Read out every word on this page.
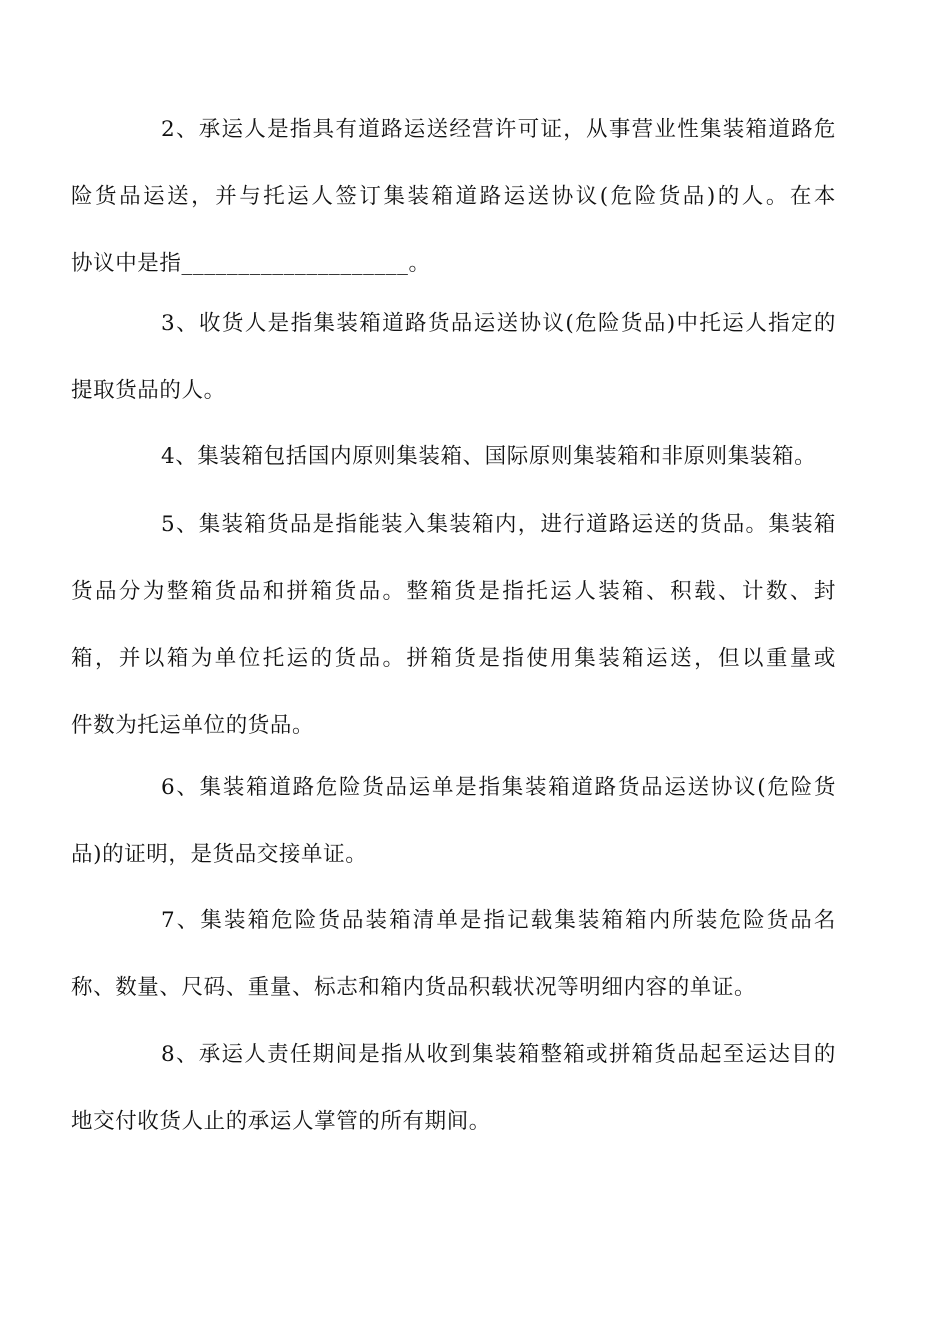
2、承运人是指具有道路运送经营许可证，从事营业性集装箱道路危
险货品运送，并与托运人签订集装箱道路运送协议(危险货品)的人。在本
协议中是指____________________。
3、收货人是指集装箱道路货品运送协议(危险货品)中托运人指定的
提取货品的人。
4、集装箱包括国内原则集装箱、国际原则集装箱和非原则集装箱。
5、集装箱货品是指能装入集装箱内，进行道路运送的货品。集装箱
货品分为整箱货品和拼箱货品。整箱货是指托运人装箱、积载、计数、封
箱，并以箱为单位托运的货品。拼箱货是指使用集装箱运送，但以重量或
件数为托运单位的货品。
6、集装箱道路危险货品运单是指集装箱道路货品运送协议(危险货
品)的证明，是货品交接单证。
7、集装箱危险货品装箱清单是指记载集装箱箱内所装危险货品名
称、数量、尺码、重量、标志和箱内货品积载状况等明细内容的单证。
8、承运人责任期间是指从收到集装箱整箱或拼箱货品起至运达目的
地交付收货人止的承运人掌管的所有期间。
